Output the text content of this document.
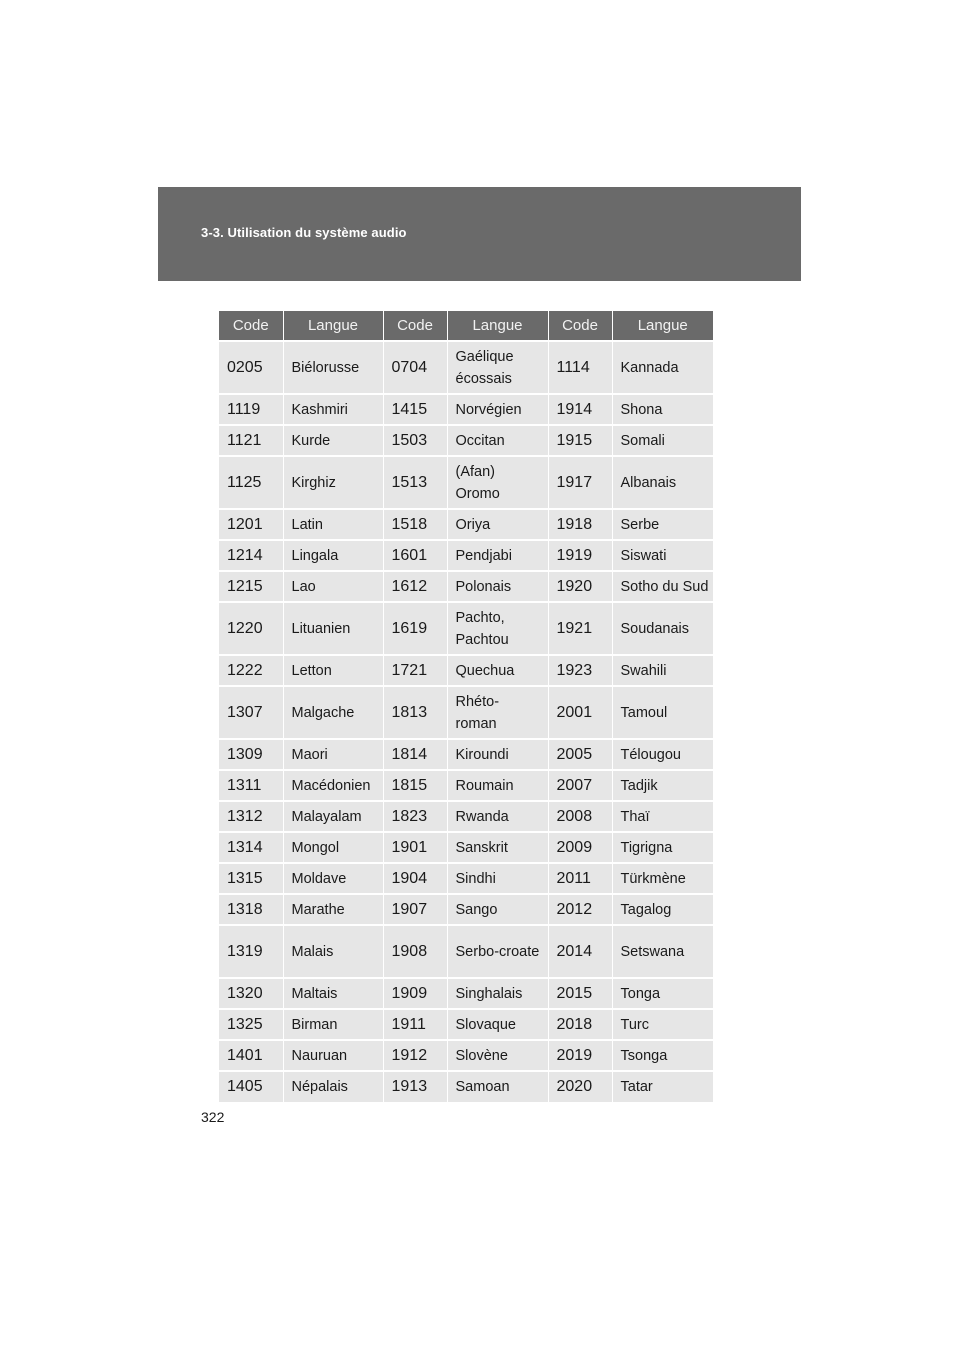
3-3. Utilisation du système audio
Code	Langue	Code	Langue	Code	Langue
0205	Biélorusse	0704	Gaélique écossais	1114	Kannada
1119	Kashmiri	1415	Norvégien	1914	Shona
1121	Kurde	1503	Occitan	1915	Somali
1125	Kirghiz	1513	(Afan) Oromo	1917	Albanais
1201	Latin	1518	Oriya	1918	Serbe
1214	Lingala	1601	Pendjabi	1919	Siswati
1215	Lao	1612	Polonais	1920	Sotho du Sud
1220	Lituanien	1619	Pachto, Pachtou	1921	Soudanais
1222	Letton	1721	Quechua	1923	Swahili
1307	Malgache	1813	Rhéto-roman	2001	Tamoul
1309	Maori	1814	Kiroundi	2005	Télougou
1311	Macédonien	1815	Roumain	2007	Tadjik
1312	Malayalam	1823	Rwanda	2008	Thaï
1314	Mongol	1901	Sanskrit	2009	Tigrigna
1315	Moldave	1904	Sindhi	2011	Türkmène
1318	Marathe	1907	Sango	2012	Tagalog
1319	Malais	1908	Serbo-croate	2014	Setswana
1320	Maltais	1909	Singhalais	2015	Tonga
1325	Birman	1911	Slovaque	2018	Turc
1401	Nauruan	1912	Slovène	2019	Tsonga
1405	Népalais	1913	Samoan	2020	Tatar
322
